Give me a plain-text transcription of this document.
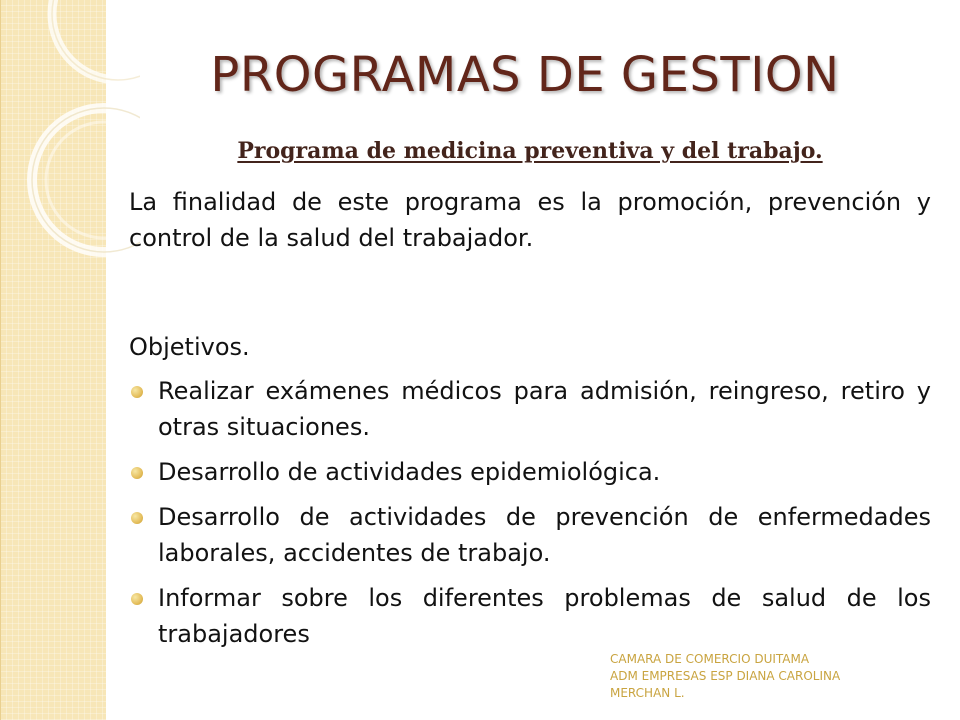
PROGRAMAS DE GESTION
Programa de medicina preventiva y del trabajo.
La finalidad de este programa es la promoción, prevención y control de la salud del trabajador.
Objetivos.
Realizar exámenes médicos para admisión, reingreso, retiro y otras situaciones.
Desarrollo de actividades epidemiológica.
Desarrollo de actividades de prevención de enfermedades laborales, accidentes de trabajo.
Informar sobre los diferentes problemas de salud de los trabajadores
CAMARA DE COMERCIO DUITAMA
ADM EMPRESAS ESP DIANA CAROLINA
MERCHAN L.
